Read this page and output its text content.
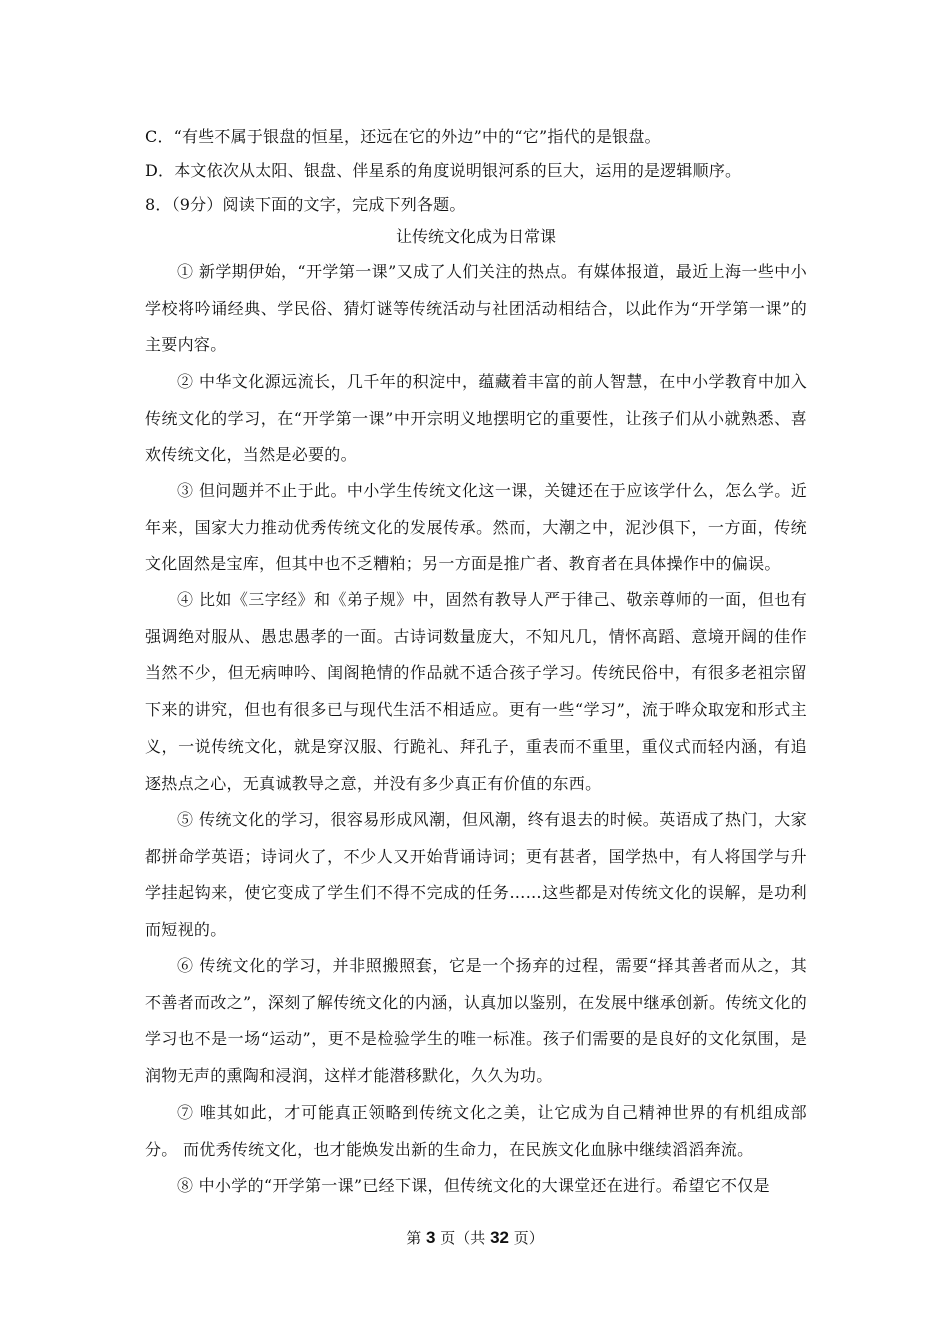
C．“有些不属于银盘的恒星，还远在它的外边”中的“它”指代的是银盘。
D．本文依次从太阳、银盘、伴星系的角度说明银河系的巨大，运用的是逻辑顺序。
8．（9分）阅读下面的文字，完成下列各题。
让传统文化成为日常课
① 新学期伊始，“开学第一课”又成了人们关注的热点。有媒体报道，最近上海一些中小 学校将吟诵经典、学民俗、猜灯谜等传统活动与社团活动相结合，以此作为“开学第一课”的主要内容。
② 中华文化源远流长，几千年的积淀中，蕴藏着丰富的前人智慧，在中小学教育中加入 传统文化的学习，在“开学第一课”中开宗明义地摆明它的重要性，让孩子们从小就熟悉、喜欢传统文化，当然是必要的。
③ 但问题并不止于此。中小学生传统文化这一课，关键还在于应该学什么，怎么学。近年来，国家大力推动优秀传统文化的发展传承。然而，大潮之中，泥沙俱下，一方面，传统 文化固然是宝库，但其中也不乏糟粕；另一方面是推广者、教育者在具体操作中的偏误。
④ 比如《三字经》和《弟子规》中，固然有教导人严于律己、敬亲尊师的一面，但也有 强调绝对服从、愚忠愚孝的一面。古诗词数量庞大，不知凡几，情怀高蹈、意境开阔的佳作 当然不少，但无病呻吟、闺阁艳情的作品就不适合孩子学习。传统民俗中，有很多老祖宗留 下来的讲究，但也有很多已与现代生活不相适应。更有一些“学习”，流于哗众取宠和形式主 义，一说传统文化，就是穿汉服、行跪礼、拜孔子，重表而不重里，重仪式而轻内涵，有追 逐热点之心，无真诚教导之意，并没有多少真正有价值的东西。
⑤ 传统文化的学习，很容易形成风潮，但风潮，终有退去的时候。英语成了热门，大家 都拼命学英语；诗词火了，不少人又开始背诵诗词；更有甚者，国学热中，有人将国学与升 学挂起钩来，使它变成了学生们不得不完成的任务……这些都是对传统文化的误解，是功利 而短视的。
⑥ 传统文化的学习，并非照搬照套，它是一个扬弃的过程，需要“择其善者而从之，其 不善者而改之”，深刻了解传统文化的内涵，认真加以鉴别，在发展中继承创新。传统文化的 学习也不是一场“运动”，更不是检验学生的唯一标准。孩子们需要的是良好的文化氛围，是 润物无声的熏陶和浸润，这样才能潜移默化，久久为功。
⑦ 唯其如此，才可能真正领略到传统文化之美，让它成为自己精神世界的有机组成部分。 而优秀传统文化，也才能焕发出新的生命力，在民族文化血脉中继续滔滔奔流。
⑧ 中小学的“开学第一课”已经下课，但传统文化的大课堂还在进行。希望它不仅是
第 3 页（共 32 页）
